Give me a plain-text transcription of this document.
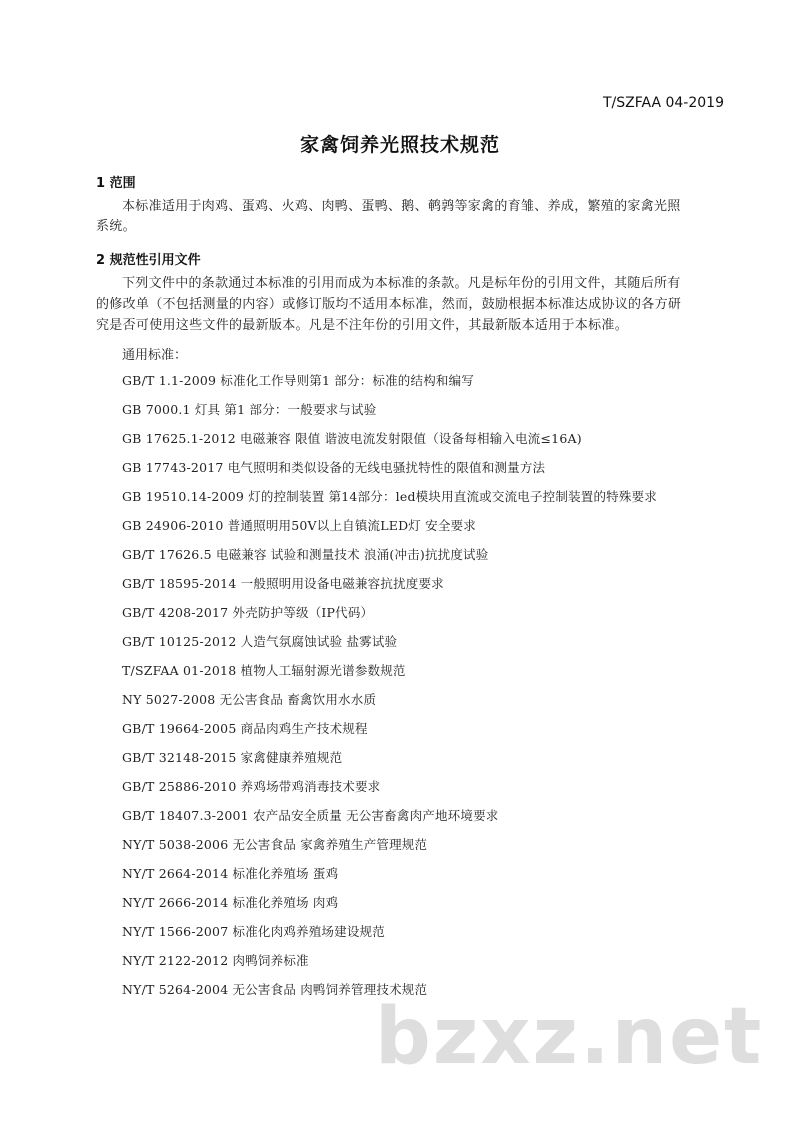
T/SZFAA 04-2019
家禽饲养光照技术规范
1 范围
本标准适用于肉鸡、蛋鸡、火鸡、肉鸭、蛋鸭、鹅、鹌鹑等家禽的育雏、养成，繁殖的家禽光照
系统。
2 规范性引用文件
下列文件中的条款通过本标准的引用而成为本标准的条款。凡是标年份的引用文件，其随后所有
的修改单（不包括测量的内容）或修订版均不适用本标准，然而，鼓励根据本标准达成协议的各方研
究是否可使用这些文件的最新版本。凡是不注年份的引用文件，其最新版本适用于本标准。
通用标准：
GB/T 1.1-2009 标准化工作导则第1 部分：标准的结构和编写
GB 7000.1 灯具 第1 部分：一般要求与试验
GB 17625.1-2012 电磁兼容 限值 谐波电流发射限值（设备每相输入电流≤16A)
GB 17743-2017 电气照明和类似设备的无线电骚扰特性的限值和测量方法
GB 19510.14-2009 灯的控制装置 第14部分：led模块用直流或交流电子控制装置的特殊要求
GB 24906-2010 普通照明用50V以上自镇流LED灯 安全要求
GB/T 17626.5 电磁兼容 试验和测量技术 浪涌(冲击)抗扰度试验
GB/T 18595-2014 一般照明用设备电磁兼容抗扰度要求
GB/T 4208-2017 外壳防护等级（IP代码）
GB/T 10125-2012 人造气氛腐蚀试验 盐雾试验
T/SZFAA 01-2018 植物人工辐射源光谱参数规范
NY 5027-2008 无公害食品 畜禽饮用水水质
GB/T 19664-2005 商品肉鸡生产技术规程
GB/T 32148-2015 家禽健康养殖规范
GB/T 25886-2010 养鸡场带鸡消毒技术要求
GB/T 18407.3-2001 农产品安全质量 无公害畜禽肉产地环境要求
NY/T 5038-2006 无公害食品 家禽养殖生产管理规范
NY/T 2664-2014 标准化养殖场 蛋鸡
NY/T 2666-2014 标准化养殖场 肉鸡
NY/T 1566-2007 标准化肉鸡养殖场建设规范
NY/T 2122-2012 肉鸭饲养标准
NY/T 5264-2004 无公害食品 肉鸭饲养管理技术规范
bzxz.net
